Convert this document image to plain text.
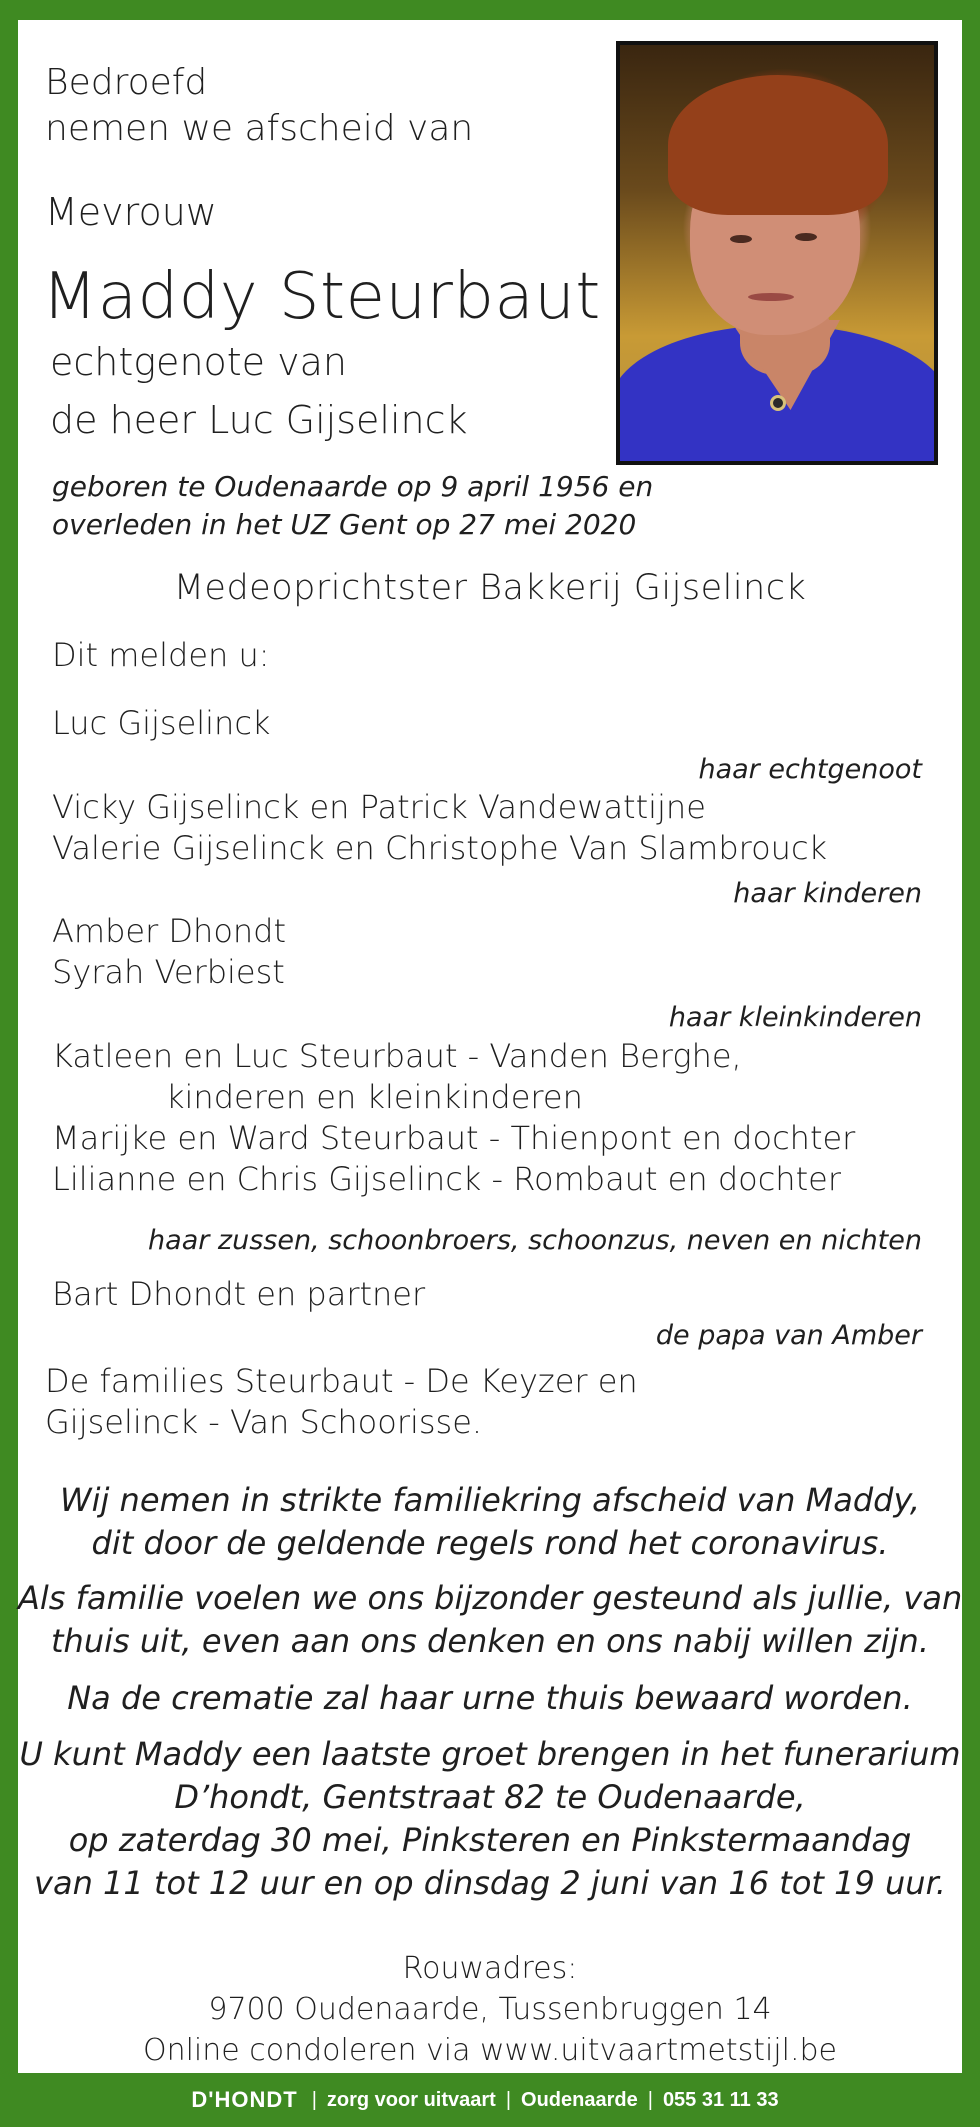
Bedroefd
nemen we afscheid van
Mevrouw
Maddy Steurbaut
echtgenote van
de heer Luc Gijselinck
geboren te Oudenaarde op 9 april 1956 en
overleden in het UZ Gent op 27 mei 2020
Medeoprichtster Bakkerij Gijselinck
Dit melden u:
Luc Gijselinck
haar echtgenoot
Vicky Gijselinck en Patrick Vandewattijne
Valerie Gijselinck en Christophe Van Slambrouck
haar kinderen
Amber Dhondt
Syrah Verbiest
haar kleinkinderen
Katleen en Luc Steurbaut - Vanden Berghe,
kinderen en kleinkinderen
Marijke en Ward Steurbaut - Thienpont en dochter
Lilianne en Chris Gijselinck - Rombaut en dochter
haar zussen, schoonbroers, schoonzus, neven en nichten
Bart Dhondt en partner
de papa van Amber
De families Steurbaut - De Keyzer en
Gijselinck - Van Schoorisse.
Wij nemen in strikte familiekring afscheid van Maddy,
dit door de geldende regels rond het coronavirus.
Als familie voelen we ons bijzonder gesteund als jullie, van
thuis uit, even aan ons denken en ons nabij willen zijn.
Na de crematie zal haar urne thuis bewaard worden.
U kunt Maddy een laatste groet brengen in het funerarium
D’hondt, Gentstraat 82 te Oudenaarde,
op zaterdag 30 mei, Pinksteren en Pinkstermaandag
van 11 tot 12 uur en op dinsdag 2 juni van 16 tot 19 uur.
Rouwadres:
9700 Oudenaarde, Tussenbruggen 14
Online condoleren via www.uitvaartmetstijl.be
D'HONDT | zorg voor uitvaart | Oudenaarde | 055 31 11 33
